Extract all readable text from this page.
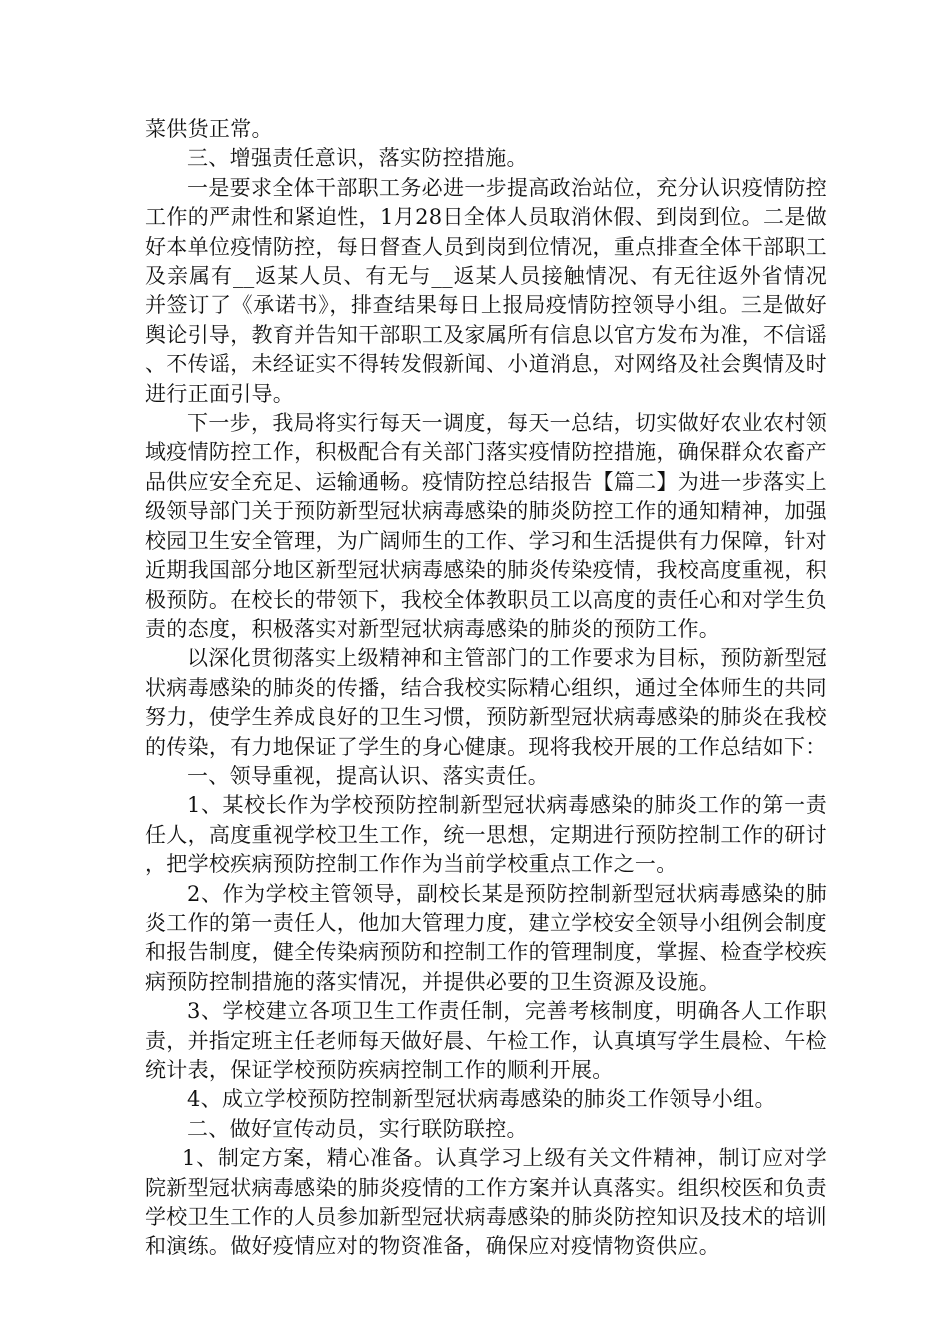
菜供货正常。

三、增强责任意识，落实防控措施。

一是要求全体干部职工务必进一步提高政治站位，充分认识疫情防控工作的严肃性和紧迫性，1月28日全体人员取消休假、到岗到位。二是做好本单位疫情防控，每日督查人员到岗到位情况，重点排查全体干部职工及亲属有__返某人员、有无与__返某人员接触情况、有无往返外省情况并签订了《承诺书》，排查结果每日上报局疫情防控领导小组。三是做好舆论引导，教育并告知干部职工及家属所有信息以官方发布为准，不信谣、不传谣，未经证实不得转发假新闻、小道消息，对网络及社会舆情及时进行正面引导。

下一步，我局将实行每天一调度，每天一总结，切实做好农业农村领域疫情防控工作，积极配合有关部门落实疫情防控措施，确保群众农畜产品供应安全充足、运输通畅。疫情防控总结报告【篇二】为进一步落实上级领导部门关于预防新型冠状病毒感染的肺炎防控工作的通知精神，加强校园卫生安全管理，为广阔师生的工作、学习和生活提供有力保障，针对近期我国部分地区新型冠状病毒感染的肺炎传染疫情，我校高度重视，积极预防。在校长的带领下，我校全体教职员工以高度的责任心和对学生负责的态度，积极落实对新型冠状病毒感染的肺炎的预防工作。

以深化贯彻落实上级精神和主管部门的工作要求为目标，预防新型冠状病毒感染的肺炎的传播，结合我校实际精心组织，通过全体师生的共同努力，使学生养成良好的卫生习惯，预防新型冠状病毒感染的肺炎在我校的传染，有力地保证了学生的身心健康。现将我校开展的工作总结如下：

一、领导重视，提高认识、落实责任。

1、某校长作为学校预防控制新型冠状病毒感染的肺炎工作的第一责任人，高度重视学校卫生工作，统一思想，定期进行预防控制工作的研讨，把学校疾病预防控制工作作为当前学校重点工作之一。

2、作为学校主管领导，副校长某是预防控制新型冠状病毒感染的肺炎工作的第一责任人，他加大管理力度，建立学校安全领导小组例会制度和报告制度，健全传染病预防和控制工作的管理制度，掌握、检查学校疾病预防控制措施的落实情况，并提供必要的卫生资源及设施。

3、学校建立各项卫生工作责任制，完善考核制度，明确各人工作职责，并指定班主任老师每天做好晨、午检工作，认真填写学生晨检、午检统计表，保证学校预防疾病控制工作的顺利开展。

4、成立学校预防控制新型冠状病毒感染的肺炎工作领导小组。

二、做好宣传动员，实行联防联控。

1、制定方案，精心准备。认真学习上级有关文件精神，制订应对学院新型冠状病毒感染的肺炎疫情的工作方案并认真落实。组织校医和负责学校卫生工作的人员参加新型冠状病毒感染的肺炎防控知识及技术的培训和演练。做好疫情应对的物资准备，确保应对疫情物资供应。
